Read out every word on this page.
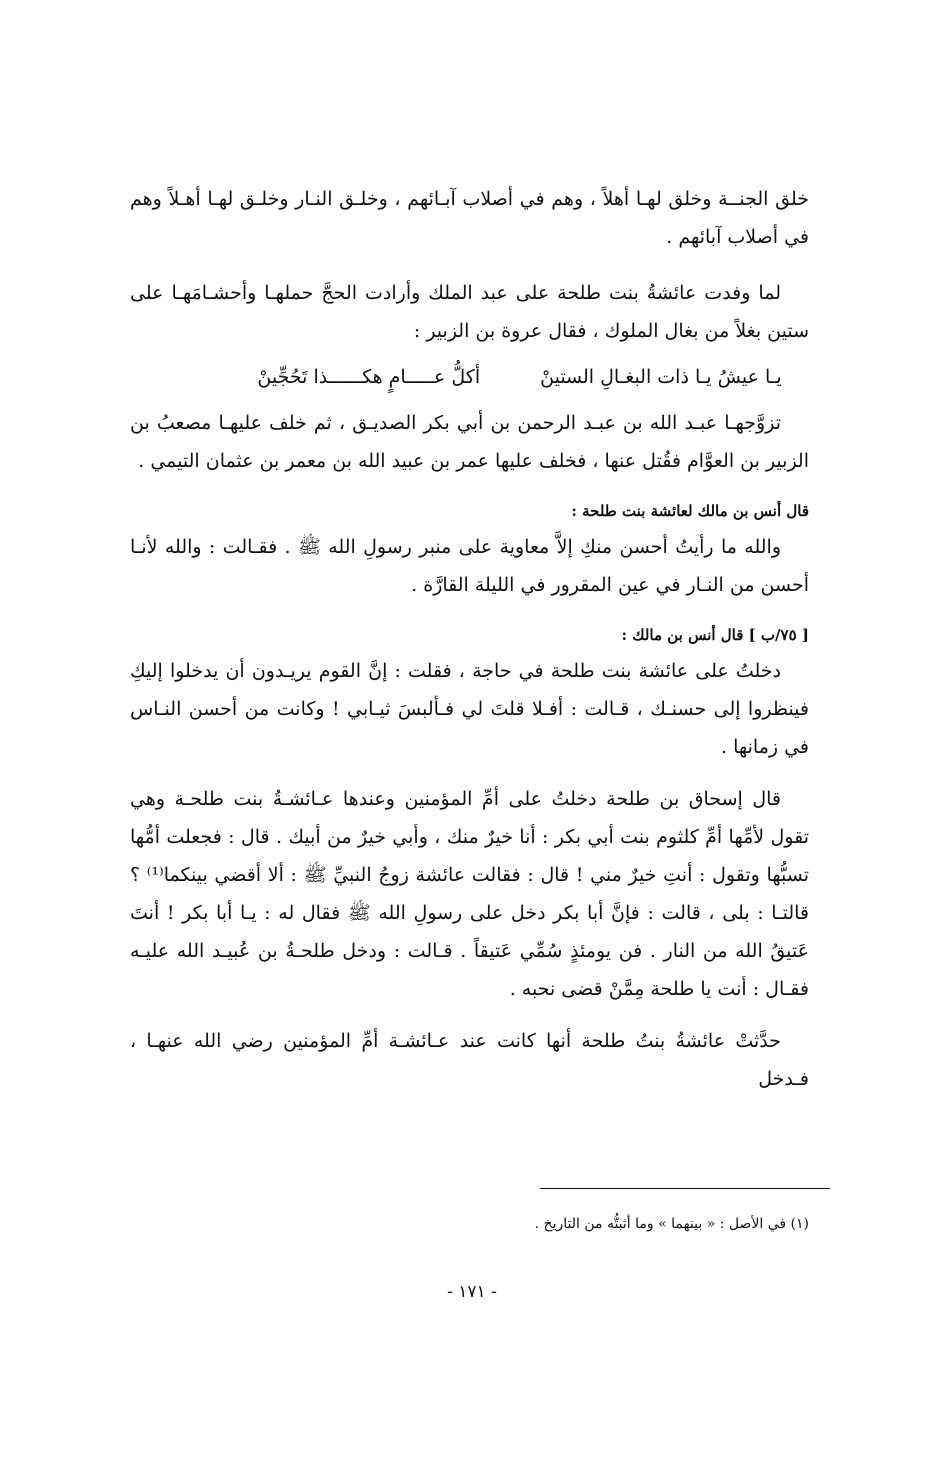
خلق الجنــة وخلق لهـا أهلاً ، وهم في أصلاب آبـائهم ، وخلـق النـار وخلـق لهـا أهـلاً وهم في أصلاب آبائهم .

لما وفدت عائشةُ بنت طلحة على عبد الملك وأرادت الحجَّ حملهـا وأحشـامَهـا على ستين بغلاً من بغال الملوك ، فقال عروة بن الزبير :

يـا عيشُ يـا ذات البغـالِ الستينْ
أكلُّ عـــــامٍ هكــــــذا تَحُجِّينْ

تزوَّجهـا عبـد الله بن عبـد الرحمن بن أبي بكر الصديـق ، ثم خلف عليهـا مصعبُ بن الزبير بن العوَّام فقُتل عنها ، فخلف عليها عمر بن عبيد الله بن معمر بن عثمان التيمي .

قال أنس بن مالك لعائشة بنت طلحة :

والله ما رأيتُ أحسن منكِ إلاَّ معاوية على منبر رسولِ الله ﷺ . فقـالت : والله لأنـا أحسن من النـار في عين المقرور في الليلة القارَّة .

[ ٧٥/ب ] قال أنس بن مالك :

دخلتُ على عائشة بنت طلحة في حاجة ، فقلت : إنَّ القوم يريـدون أن يدخلوا إليكِ فينظروا إلى حسنـك ، قـالت : أفـلا قلتَ لي فـألبسَ ثيـابي ! وكانت من أحسن النـاس في زمانها .

قال إسحاق بن طلحة دخلتُ على أمِّ المؤمنين وعندها عـائشـةُ بنت طلحـة وهي تقول لأمِّها أمِّ كلثوم بنت أبي بكر : أنا خيرٌ منك ، وأبي خيرٌ من أبيك . قال : فجعلت أمُّها تسبُّها وتقول : أنتِ خيرٌ مني ! قال : فقالت عائشة زوجُ النبيِّ ﷺ : ألا أقضي بينكما⁽¹⁾ ؟ قالتـا : بلى ، قالت : فإنَّ أبا بكر دخل على رسولِ الله ﷺ فقال له : يـا أبا بكر ! أنتَ عَتيقُ الله من النار . فن يومئذٍ سُمِّي عَتيقاً . قـالت : ودخل طلحـةُ بن عُبيـد الله عليـه فقـال : أنت يا طلحة مِمَّنْ قضى نحبه .

حدَّثتْ عائشةُ بنتُ طلحة أنها كانت عند عـائشـة أمِّ المؤمنين رضي الله عنهـا ، فـدخل

(١) في الأصل : « بينهما » وما أثبتُّه من التاريخ .

- ١٧١ -
